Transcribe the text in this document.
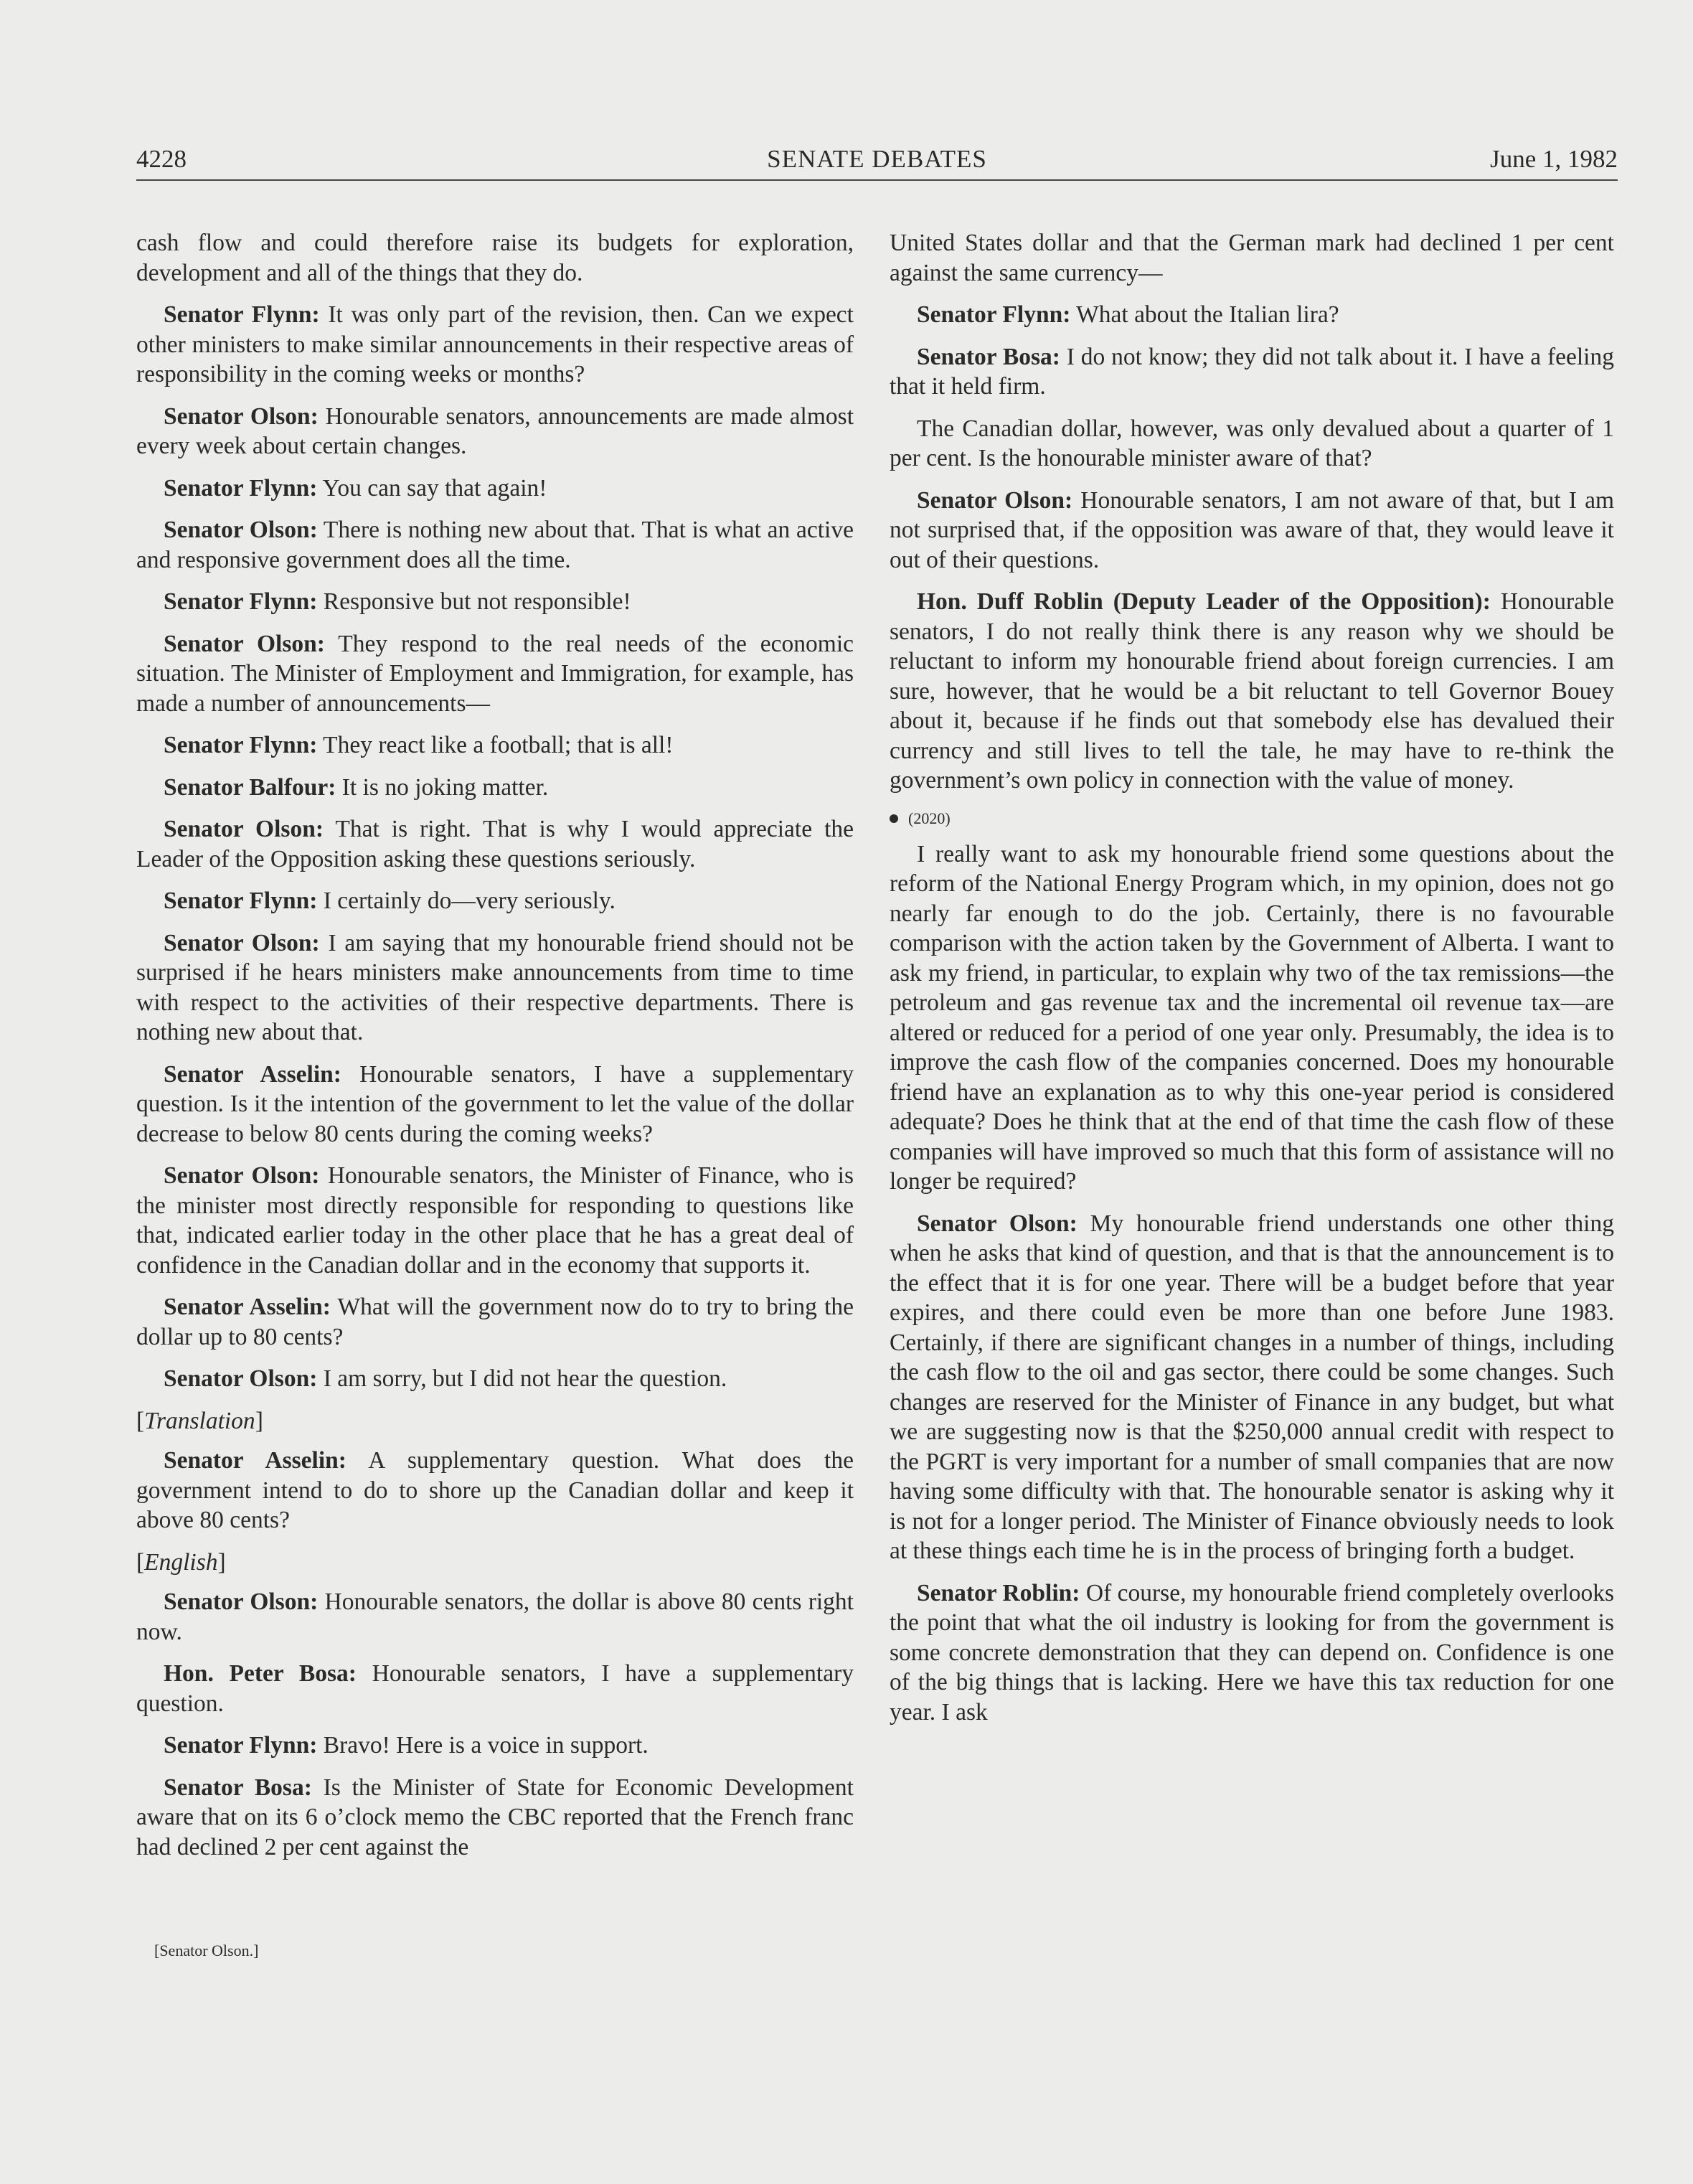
4228	SENATE DEBATES	June 1, 1982

cash flow and could therefore raise its budgets for exploration, development and all of the things that they do.

Senator Flynn: It was only part of the revision, then. Can we expect other ministers to make similar announcements in their respective areas of responsibility in the coming weeks or months?

Senator Olson: Honourable senators, announcements are made almost every week about certain changes.

Senator Flynn: You can say that again!

Senator Olson: There is nothing new about that. That is what an active and responsive government does all the time.

Senator Flynn: Responsive but not responsible!

Senator Olson: They respond to the real needs of the economic situation. The Minister of Employment and Immigration, for example, has made a number of announcements—

Senator Flynn: They react like a football; that is all!

Senator Balfour: It is no joking matter.

Senator Olson: That is right. That is why I would appreciate the Leader of the Opposition asking these questions seriously.

Senator Flynn: I certainly do—very seriously.

Senator Olson: I am saying that my honourable friend should not be surprised if he hears ministers make announcements from time to time with respect to the activities of their respective departments. There is nothing new about that.

Senator Asselin: Honourable senators, I have a supplementary question. Is it the intention of the government to let the value of the dollar decrease to below 80 cents during the coming weeks?

Senator Olson: Honourable senators, the Minister of Finance, who is the minister most directly responsible for responding to questions like that, indicated earlier today in the other place that he has a great deal of confidence in the Canadian dollar and in the economy that supports it.

Senator Asselin: What will the government now do to try to bring the dollar up to 80 cents?

Senator Olson: I am sorry, but I did not hear the question.

[Translation]

Senator Asselin: A supplementary question. What does the government intend to do to shore up the Canadian dollar and keep it above 80 cents?

[English]

Senator Olson: Honourable senators, the dollar is above 80 cents right now.

Hon. Peter Bosa: Honourable senators, I have a supplementary question.

Senator Flynn: Bravo! Here is a voice in support.

Senator Bosa: Is the Minister of State for Economic Development aware that on its 6 o’clock memo the CBC reported that the French franc had declined 2 per cent against the

United States dollar and that the German mark had declined 1 per cent against the same currency—

Senator Flynn: What about the Italian lira?

Senator Bosa: I do not know; they did not talk about it. I have a feeling that it held firm.

The Canadian dollar, however, was only devalued about a quarter of 1 per cent. Is the honourable minister aware of that?

Senator Olson: Honourable senators, I am not aware of that, but I am not surprised that, if the opposition was aware of that, they would leave it out of their questions.

Hon. Duff Roblin (Deputy Leader of the Opposition): Honourable senators, I do not really think there is any reason why we should be reluctant to inform my honourable friend about foreign currencies. I am sure, however, that he would be a bit reluctant to tell Governor Bouey about it, because if he finds out that somebody else has devalued their currency and still lives to tell the tale, he may have to re-think the government’s own policy in connection with the value of money.

(2020)

I really want to ask my honourable friend some questions about the reform of the National Energy Program which, in my opinion, does not go nearly far enough to do the job. Certainly, there is no favourable comparison with the action taken by the Government of Alberta. I want to ask my friend, in particular, to explain why two of the tax remissions—the petroleum and gas revenue tax and the incremental oil revenue tax—are altered or reduced for a period of one year only. Presumably, the idea is to improve the cash flow of the companies concerned. Does my honourable friend have an explanation as to why this one-year period is considered adequate? Does he think that at the end of that time the cash flow of these companies will have improved so much that this form of assistance will no longer be required?

Senator Olson: My honourable friend understands one other thing when he asks that kind of question, and that is that the announcement is to the effect that it is for one year. There will be a budget before that year expires, and there could even be more than one before June 1983. Certainly, if there are significant changes in a number of things, including the cash flow to the oil and gas sector, there could be some changes. Such changes are reserved for the Minister of Finance in any budget, but what we are suggesting now is that the $250,000 annual credit with respect to the PGRT is very important for a number of small companies that are now having some difficulty with that. The honourable senator is asking why it is not for a longer period. The Minister of Finance obviously needs to look at these things each time he is in the process of bringing forth a budget.

Senator Roblin: Of course, my honourable friend completely overlooks the point that what the oil industry is looking for from the government is some concrete demonstration that they can depend on. Confidence is one of the big things that is lacking. Here we have this tax reduction for one year. I ask

[Senator Olson.]
